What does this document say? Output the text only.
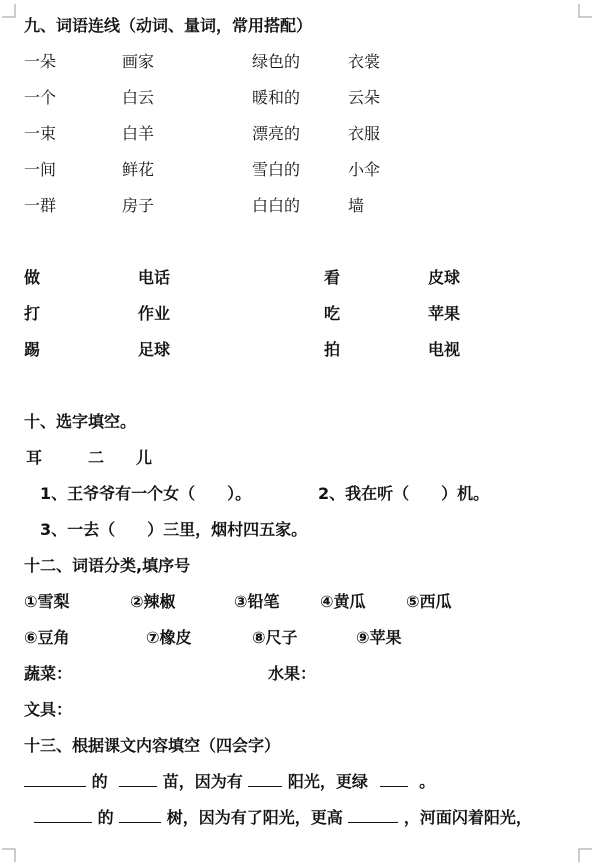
九、词语连线（动词、量词，常用搭配）
一朵	画家	绿色的	衣裳
一个	白云	暖和的	云朵
一束	白羊	漂亮的	衣服
一间	鲜花	雪白的	小伞
一群	房子	白白的	墙
做	电话	看	皮球
打	作业	吃	苹果
踢	足球	拍	电视
十、选字填空。
耳	二 儿
1、王爷爷有一个女（　　）。	2、我在听（　　）机。
3、一去（　　）三里，烟村四五家。
十二、词语分类,填序号
①雪梨	②辣椒	③铅笔	④黄瓜	⑤西瓜
⑥豆角	⑦橡皮	⑧尺子	⑨苹果
蔬菜：	水果：
文具：
十三、根据课文内容填空（四会字）
的	苗，因为有	阳光，更绿	。
的	树，因为有了阳光，更高	，河面闪着阳光，
